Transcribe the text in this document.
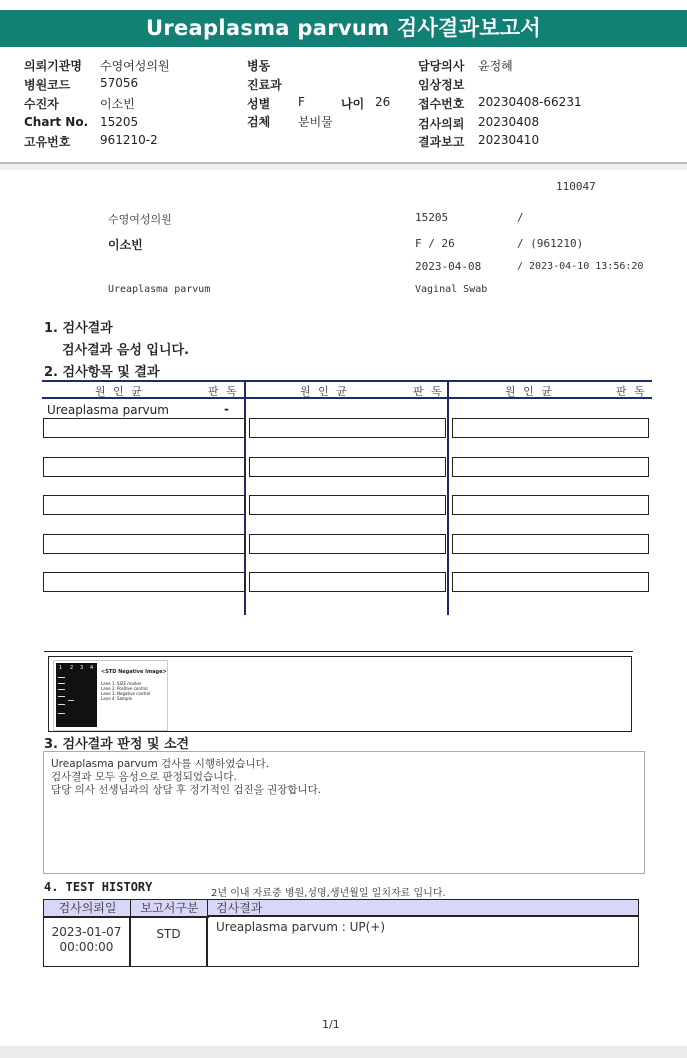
Ureaplasma parvum 검사결과보고서
의뢰기관명 수영여성의원
병원코드 57056
수진자	이소빈
Chart No. 15205
고유번호 961210-2
병동
진료과
성별 F	나이 26
검체 분비물
담당의사 윤정혜
임상정보
접수번호 20230408-66231
검사의뢰 20230408
결과보고 20230410
110047
수영여성의원	15205	/
이소빈	F / 26	/ (961210)
2023-04-08	/ 2023-04-10 13:56:20
Ureaplasma parvum	Vaginal Swab
1. 검사결과
검사결과 음성 입니다.
2. 검사항목 및 결과
원 인 균	판 독	원 인 균	판 독	원 인 균	판 독
Ureaplasma parvum	-
1 2 3 4
<STD Negative Image>
Lane 1. SIZE marker
Lane 2. Positive control
Lane 3. Negative control
Lane 4. Sample
3. 검사결과 판정 및 소견
Ureaplasma parvum 검사를 시행하였습니다.
검사결과 모두 음성으로 판정되었습니다.
담당 의사 선생님과의 상담 후 정기적인 검진을 권장합니다.
4. TEST HISTORY	2년 이내 자료중 병원,성명,생년월일 일치자료 입니다.
검사의뢰일	보고서구분	검사결과
2023-01-07
00:00:00
STD	Ureaplasma parvum : UP(+)
1/1
